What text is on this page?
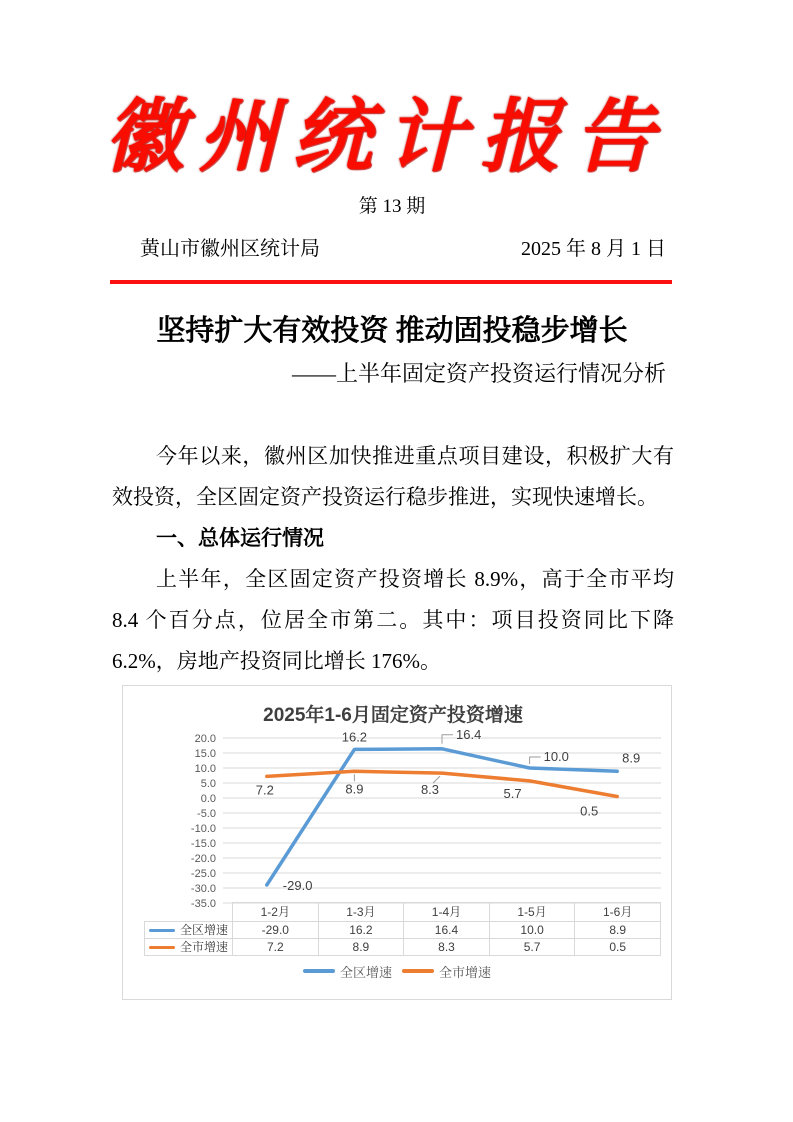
徽州统计报告
第 13 期
黄山市徽州区统计局	2025 年 8 月 1 日
坚持扩大有效投资 推动固投稳步增长
——上半年固定资产投资运行情况分析

今年以来，徽州区加快推进重点项目建设，积极扩大有效投资，全区固定资产投资运行稳步推进，实现快速增长。

一、总体运行情况

上半年，全区固定资产投资增长 8.9%，高于全市平均 8.4 个百分点，位居全市第二。其中：项目投资同比下降 6.2%，房地产投资同比增长 176%。

20.0
15.0
10.0
5.0
0.0
-5.0
-10.0
-15.0
-20.0
-25.0
-30.0
-35.0
-29.0
16.2	16.4
10.0	8.9
7.2	8.9	8.3	5.7
0.5
2025年1-6月固定资产投资增速
	1-2月	1-3月	1-4月	1-5月	1-6月
全区增速	-29.0	16.2	16.4	10.0	8.9
全市增速	7.2	8.9	8.3	5.7	0.5
全区增速	全市增速
